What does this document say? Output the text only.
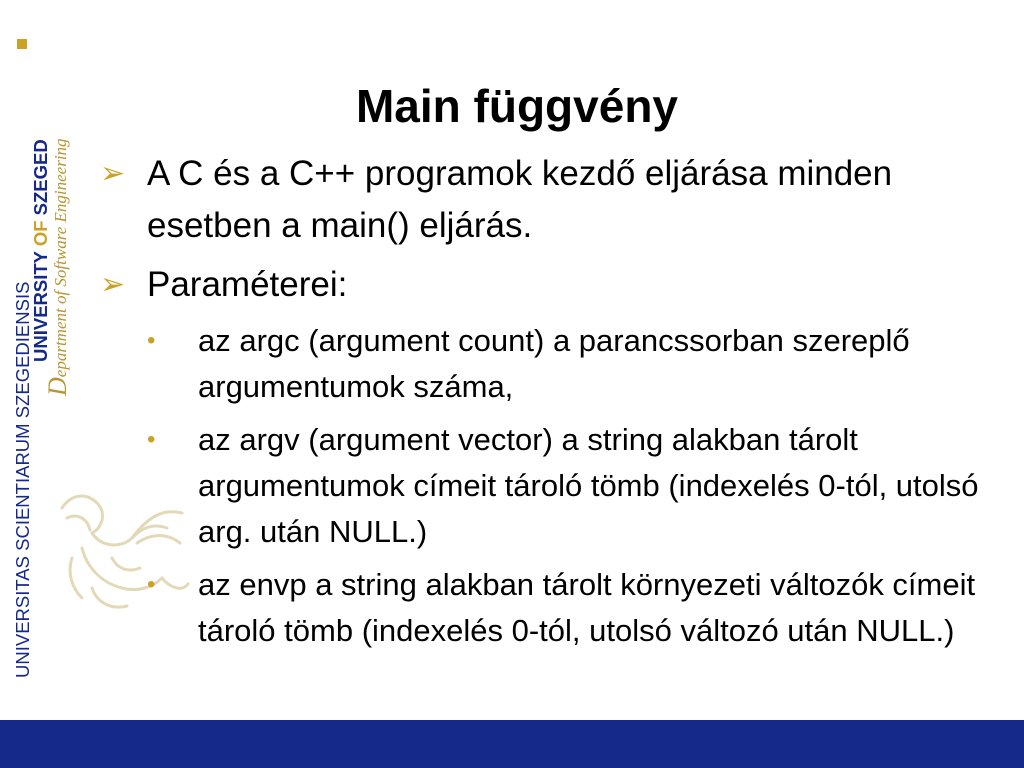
UNIVERSITAS SCIENTIARUM SZEGEDIENSIS
UNIVERSITY OF SZEGED
Department of Software Engineering
Main függvény
➢ A C és a C++ programok kezdő eljárása minden esetben a main() eljárás.
➢ Paraméterei:
• az argc (argument count) a parancssorban szereplő argumentumok száma,
• az argv (argument vector) a string alakban tárolt argumentumok címeit tároló tömb (indexelés 0-tól, utolsó arg. után NULL.)
• az envp a string alakban tárolt környezeti változók címeit tároló tömb (indexelés 0-tól, utolsó változó után NULL.)
